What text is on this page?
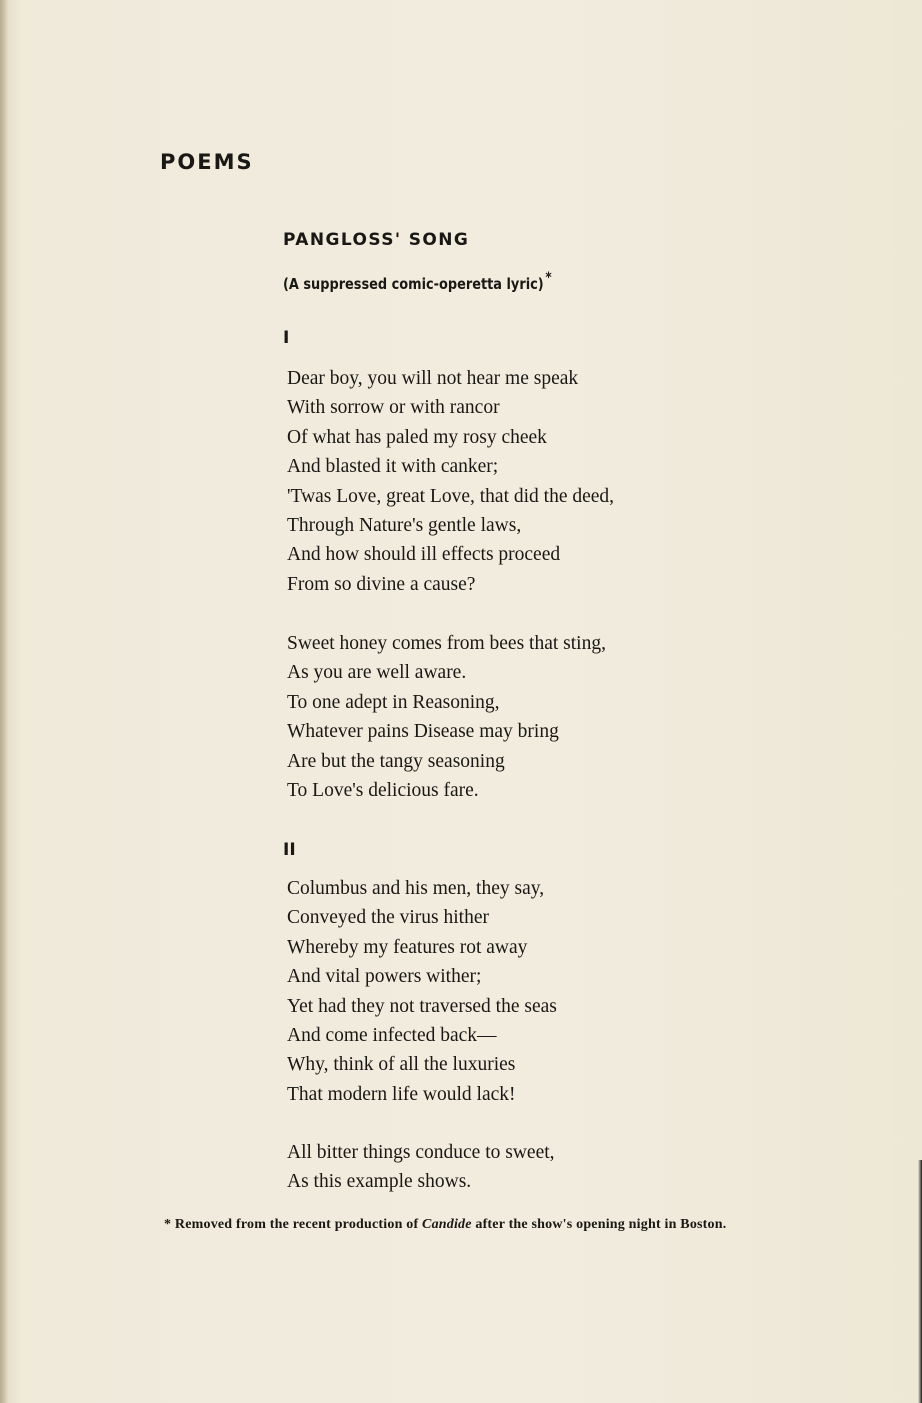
POEMS
PANGLOSS' SONG
(A suppressed comic-operetta lyric) *
I
Dear boy, you will not hear me speak
With sorrow or with rancor
Of what has paled my rosy cheek
And blasted it with canker;
'Twas Love, great Love, that did the deed,
Through Nature's gentle laws,
And how should ill effects proceed
From so divine a cause?
Sweet honey comes from bees that sting,
As you are well aware.
To one adept in Reasoning,
Whatever pains Disease may bring
Are but the tangy seasoning
To Love's delicious fare.
II
Columbus and his men, they say,
Conveyed the virus hither
Whereby my features rot away
And vital powers wither;
Yet had they not traversed the seas
And come infected back—
Why, think of all the luxuries
That modern life would lack!
All bitter things conduce to sweet,
As this example shows.
* Removed from the recent production of Candide after the show's opening night in Boston.
